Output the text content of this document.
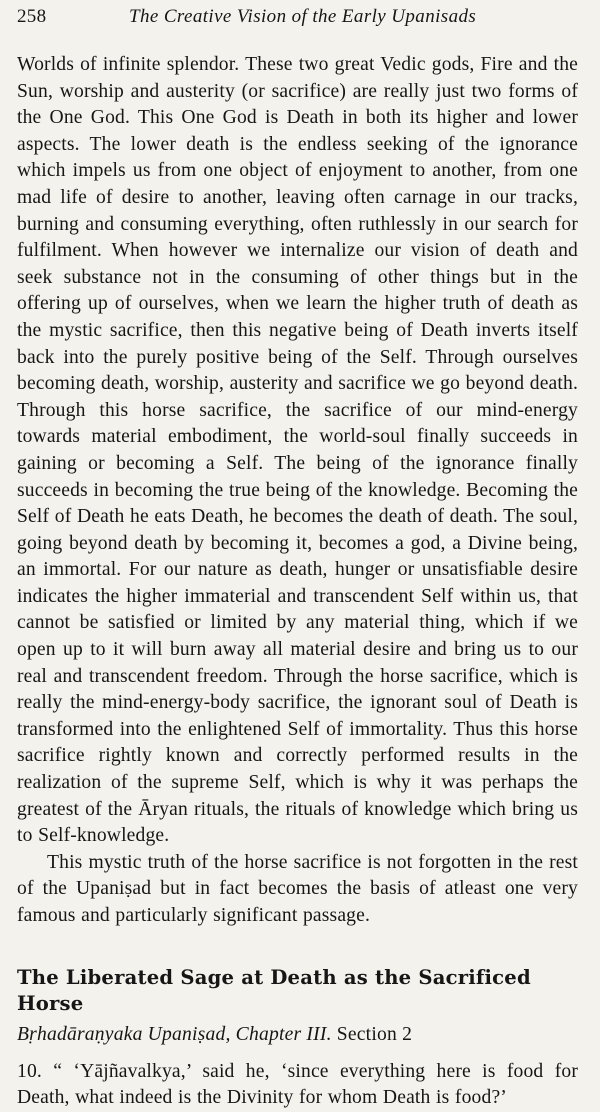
258	The Creative Vision of the Early Upanisads

Worlds of infinite splendor. These two great Vedic gods, Fire and the Sun, worship and austerity (or sacrifice) are really just two forms of the One God. This One God is Death in both its higher and lower aspects. The lower death is the endless seeking of the ignorance which impels us from one object of enjoyment to another, from one mad life of desire to another, leaving often carnage in our tracks, burning and consuming everything, often ruthlessly in our search for fulfilment. When however we internalize our vision of death and seek substance not in the consuming of other things but in the offering up of ourselves, when we learn the higher truth of death as the mystic sacrifice, then this negative being of Death inverts itself back into the purely positive being of the Self. Through ourselves becoming death, worship, austerity and sacrifice we go beyond death. Through this horse sacrifice, the sacrifice of our mind-energy towards material embodiment, the world-soul finally succeeds in gaining or becoming a Self. The being of the ignorance finally succeeds in becoming the true being of the knowledge. Becoming the Self of Death he eats Death, he becomes the death of death. The soul, going beyond death by becoming it, becomes a god, a Divine being, an immortal. For our nature as death, hunger or unsatisfiable desire indicates the higher immaterial and transcendent Self within us, that cannot be satisfied or limited by any material thing, which if we open up to it will burn away all material desire and bring us to our real and transcendent freedom. Through the horse sacrifice, which is really the mind-energy-body sacrifice, the ignorant soul of Death is transformed into the enlightened Self of immortality. Thus this horse sacrifice rightly known and correctly performed results in the realization of the supreme Self, which is why it was perhaps the greatest of the Āryan rituals, the rituals of knowledge which bring us to Self-knowledge.

This mystic truth of the horse sacrifice is not forgotten in the rest of the Upaniṣad but in fact becomes the basis of atleast one very famous and particularly significant passage.

The Liberated Sage at Death as the Sacrificed Horse

Bṛhadāraṇyaka Upaniṣad, Chapter III. Section 2

10. “ ‘Yājñavalkya,’ said he, ‘since everything here is food for Death, what indeed is the Divinity for whom Death is food?’
